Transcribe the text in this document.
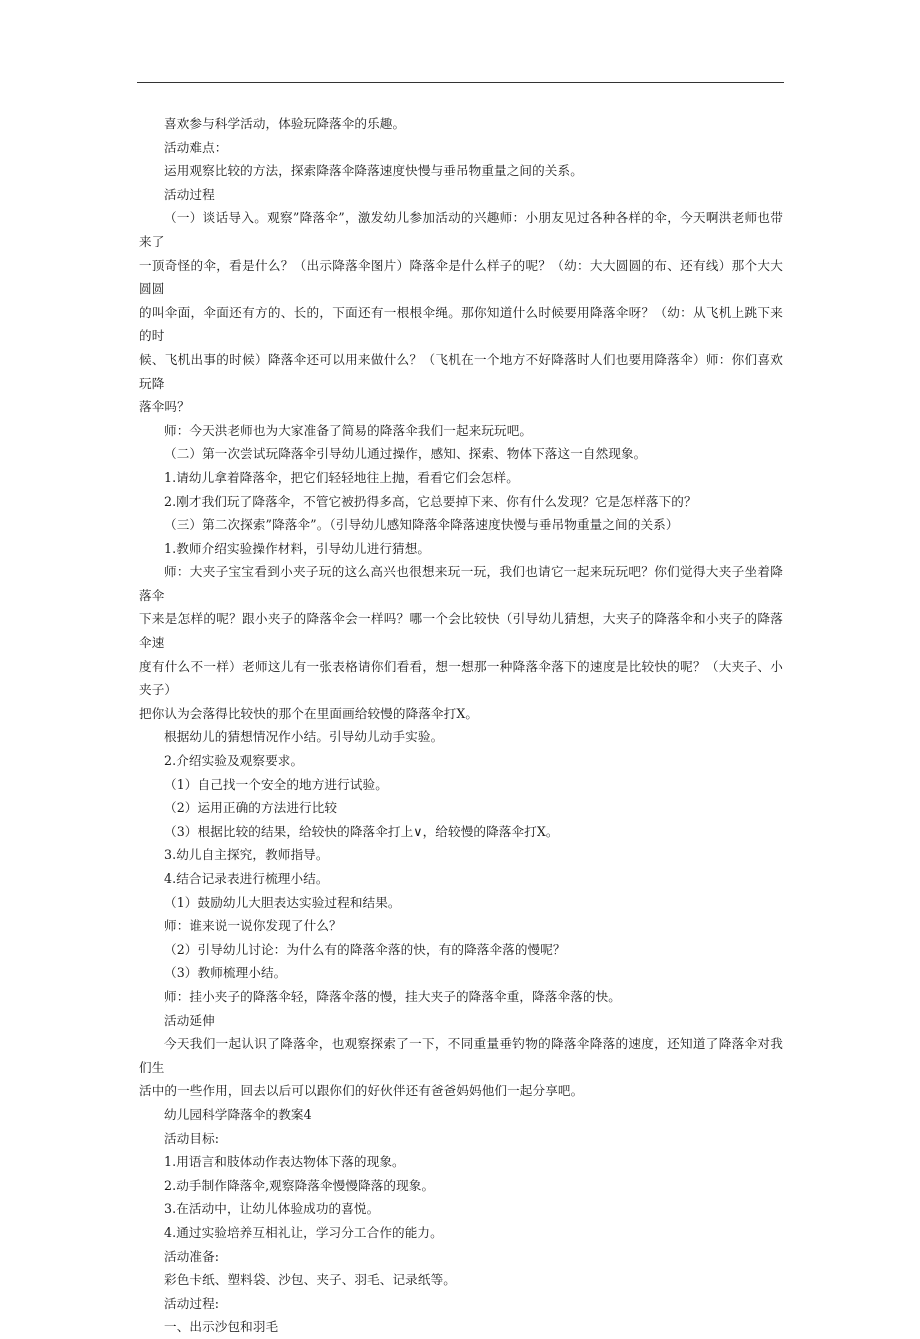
喜欢参与科学活动，体验玩降落伞的乐趣。

活动难点：

运用观察比较的方法，探索降落伞降落速度快慢与垂吊物重量之间的关系。

活动过程

（一）谈话导入。观察”降落伞”，激发幼儿参加活动的兴趣师：小朋友见过各种各样的伞，今天啊洪老师也带来了

一顶奇怪的伞，看是什么？（出示降落伞图片）降落伞是什么样子的呢？（幼：大大圆圆的布、还有线）那个大大圆圆

的叫伞面，伞面还有方的、长的，下面还有一根根伞绳。那你知道什么时候要用降落伞呀？（幼：从飞机上跳下来的时

候、飞机出事的时候）降落伞还可以用来做什么？（飞机在一个地方不好降落时人们也要用降落伞）师：你们喜欢玩降

落伞吗？

师：今天洪老师也为大家准备了简易的降落伞我们一起来玩玩吧。

（二）第一次尝试玩降落伞引导幼儿通过操作，感知、探索、物体下落这一自然现象。

1.请幼儿拿着降落伞，把它们轻轻地往上抛，看看它们会怎样。

2.刚才我们玩了降落伞，不管它被扔得多高，它总要掉下来、你有什么发现？它是怎样落下的？

（三）第二次探索”降落伞”。（引导幼儿感知降落伞降落速度快慢与垂吊物重量之间的关系）

1.教师介绍实验操作材料，引导幼儿进行猜想。

师：大夹子宝宝看到小夹子玩的这么高兴也很想来玩一玩，我们也请它一起来玩玩吧？你们觉得大夹子坐着降落伞

下来是怎样的呢？跟小夹子的降落伞会一样吗？哪一个会比较快（引导幼儿猜想，大夹子的降落伞和小夹子的降落伞速

度有什么不一样）老师这儿有一张表格请你们看看，想一想那一种降落伞落下的速度是比较快的呢？（大夹子、小夹子）

把你认为会落得比较快的那个在里面画给较慢的降落伞打X。

根据幼儿的猜想情况作小结。引导幼儿动手实验。

2.介绍实验及观察要求。

（1）自己找一个安全的地方进行试验。

（2）运用正确的方法进行比较

（3）根据比较的结果，给较快的降落伞打上∨，给较慢的降落伞打X。

3.幼儿自主探究，教师指导。

4.结合记录表进行梳理小结。

（1）鼓励幼儿大胆表达实验过程和结果。

师：谁来说一说你发现了什么？

（2）引导幼儿讨论：为什么有的降落伞落的快，有的降落伞落的慢呢？

（3）教师梳理小结。

师：挂小夹子的降落伞轻，降落伞落的慢，挂大夹子的降落伞重，降落伞落的快。

活动延伸

今天我们一起认识了降落伞，也观察探索了一下，不同重量垂钓物的降落伞降落的速度，还知道了降落伞对我们生

活中的一些作用，回去以后可以跟你们的好伙伴还有爸爸妈妈他们一起分享吧。

幼儿园科学降落伞的教案4

活动目标:

1.用语言和肢体动作表达物体下落的现象。

2.动手制作降落伞,观察降落伞慢慢降落的现象。

3.在活动中，让幼儿体验成功的喜悦。

4.通过实验培养互相礼让，学习分工合作的能力。

活动准备:

彩色卡纸、塑料袋、沙包、夹子、羽毛、记录纸等。

活动过程:

一、出示沙包和羽毛
